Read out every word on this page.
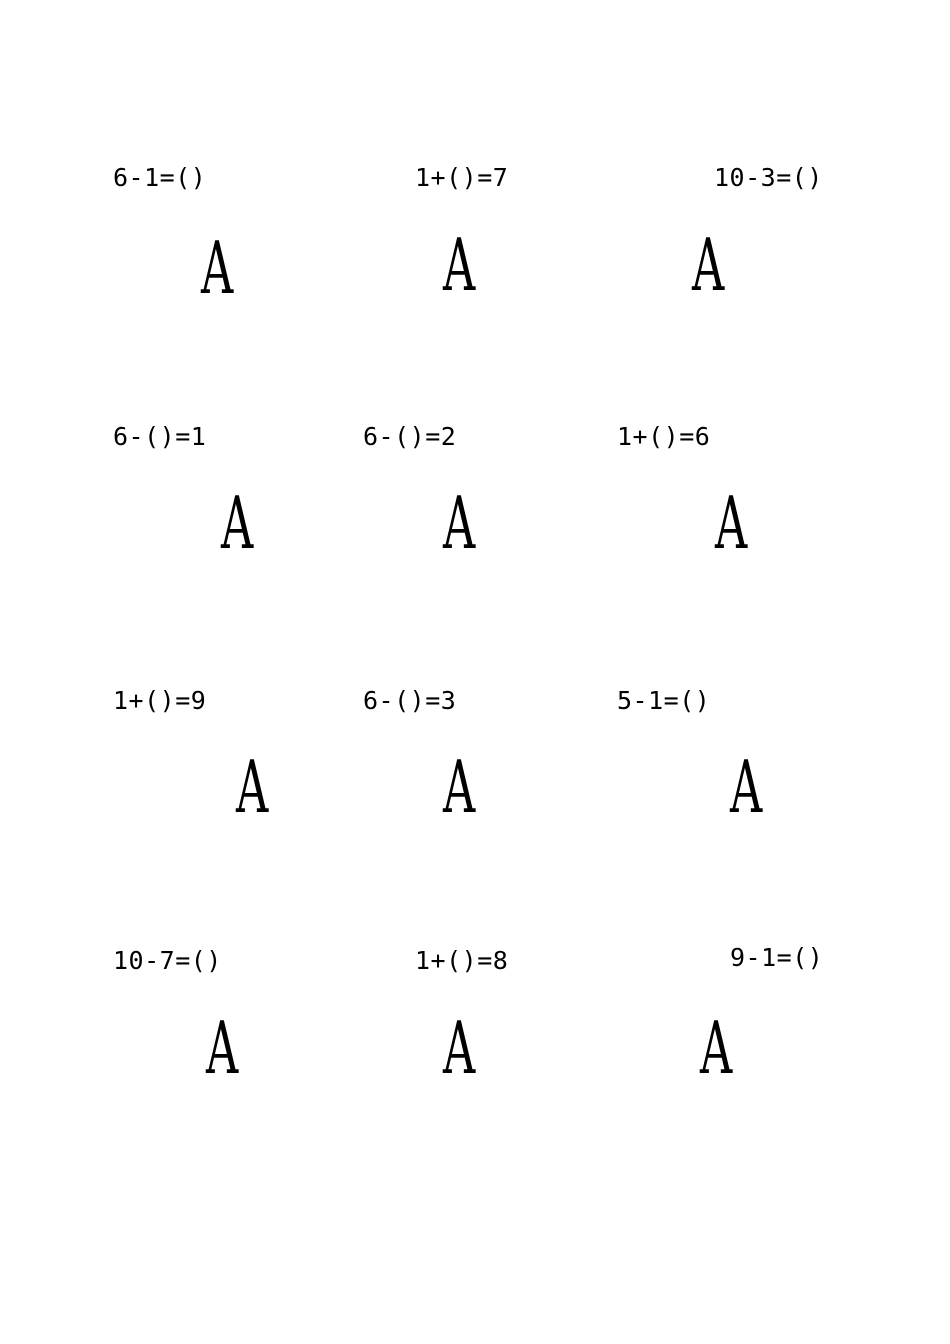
6-1=()
A
1+()=7
A
10-3=()
A
6-()=1
A
6-()=2
A
1+()=6
A
1+()=9
A
6-()=3
A
5-1=()
A
10-7=()
A
1+()=8
A
9-1=()
A
